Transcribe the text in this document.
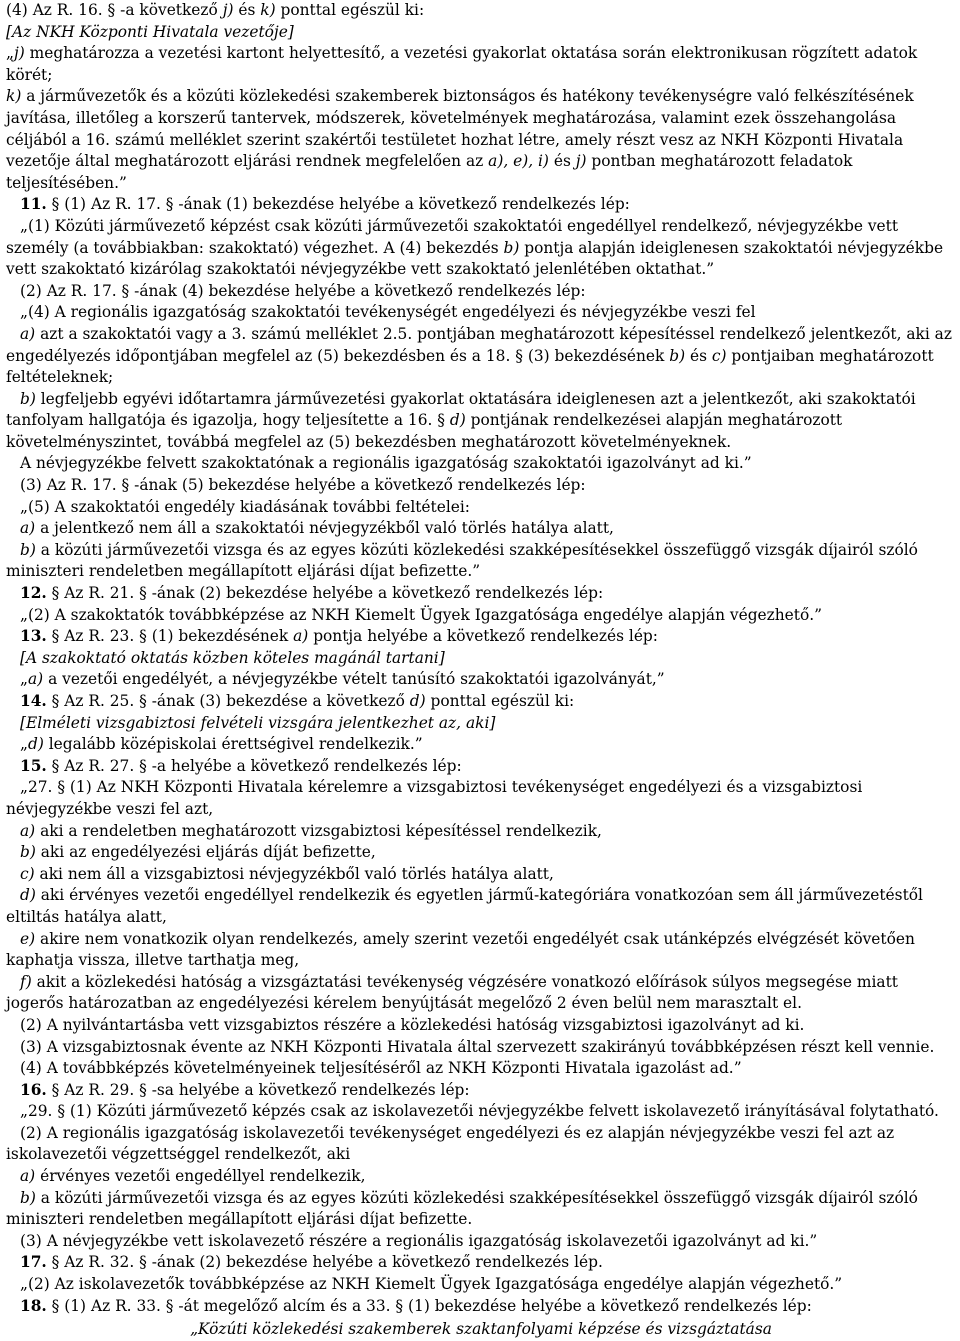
(4) Az R. 16. § -a következő j) és k) ponttal egészül ki:

[Az NKH Központi Hivatala vezetője]

„j) meghatározza a vezetési kartont helyettesítő, a vezetési gyakorlat oktatása során elektronikusan rögzített adatok körét;

k) a járművezetők és a közúti közlekedési szakemberek biztonságos és hatékony tevékenységre való felkészítésének javítása, illetőleg a korszerű tantervek, módszerek, követelmények meghatározása, valamint ezek összehangolása céljából a 16. számú melléklet szerint szakértői testületet hozhat létre, amely részt vesz az NKH Központi Hivatala vezetője által meghatározott eljárási rendnek megfelelően az a), e), i) és j) pontban meghatározott feladatok teljesítésében.”

11. § (1) Az R. 17. § -ának (1) bekezdése helyébe a következő rendelkezés lép:

„(1) Közúti járművezető képzést csak közúti járművezetői szakoktatói engedéllyel rendelkező, névjegyzékbe vett személy (a továbbiakban: szakoktató) végezhet. A (4) bekezdés b) pontja alapján ideiglenesen szakoktatói névjegyzékbe vett szakoktató kizárólag szakoktatói névjegyzékbe vett szakoktató jelenlétében oktathat.”

(2) Az R. 17. § -ának (4) bekezdése helyébe a következő rendelkezés lép:

„(4) A regionális igazgatóság szakoktatói tevékenységét engedélyezi és névjegyzékbe veszi fel

a) azt a szakoktatói vagy a 3. számú melléklet 2.5. pontjában meghatározott képesítéssel rendelkező jelentkezőt, aki az engedélyezés időpontjában megfelel az (5) bekezdésben és a 18. § (3) bekezdésének b) és c) pontjaiban meghatározott feltételeknek;

b) legfeljebb egyévi időtartamra járművezetési gyakorlat oktatására ideiglenesen azt a jelentkezőt, aki szakoktatói tanfolyam hallgatója és igazolja, hogy teljesítette a 16. § d) pontjának rendelkezései alapján meghatározott követelményszintet, továbbá megfelel az (5) bekezdésben meghatározott követelményeknek.

A névjegyzékbe felvett szakoktatónak a regionális igazgatóság szakoktatói igazolványt ad ki.”

(3) Az R. 17. § -ának (5) bekezdése helyébe a következő rendelkezés lép:

„(5) A szakoktatói engedély kiadásának további feltételei:

a) a jelentkező nem áll a szakoktatói névjegyzékből való törlés hatálya alatt,

b) a közúti járművezetői vizsga és az egyes közúti közlekedési szakképesítésekkel összefüggő vizsgák díjairól szóló miniszteri rendeletben megállapított eljárási díjat befizette.”

12. § Az R. 21. § -ának (2) bekezdése helyébe a következő rendelkezés lép:

„(2) A szakoktatók továbbképzése az NKH Kiemelt Ügyek Igazgatósága engedélye alapján végezhető.”

13. § Az R. 23. § (1) bekezdésének a) pontja helyébe a következő rendelkezés lép:

[A szakoktató oktatás közben köteles magánál tartani]

„a) a vezetői engedélyét, a névjegyzékbe vételt tanúsító szakoktatói igazolványát,”

14. § Az R. 25. § -ának (3) bekezdése a következő d) ponttal egészül ki:

[Elméleti vizsgabiztosi felvételi vizsgára jelentkezhet az, aki]

„d) legalább középiskolai érettségivel rendelkezik.”

15. § Az R. 27. § -a helyébe a következő rendelkezés lép:

„27. § (1) Az NKH Központi Hivatala kérelemre a vizsgabiztosi tevékenységet engedélyezi és a vizsgabiztosi névjegyzékbe veszi fel azt,

a) aki a rendeletben meghatározott vizsgabiztosi képesítéssel rendelkezik,

b) aki az engedélyezési eljárás díját befizette,

c) aki nem áll a vizsgabiztosi névjegyzékből való törlés hatálya alatt,

d) aki érvényes vezetői engedéllyel rendelkezik és egyetlen jármű-kategóriára vonatkozóan sem áll járművezetéstől eltiltás hatálya alatt,

e) akire nem vonatkozik olyan rendelkezés, amely szerint vezetői engedélyét csak utánképzés elvégzését követően kaphatja vissza, illetve tarthatja meg,

f) akit a közlekedési hatóság a vizsgáztatási tevékenység végzésére vonatkozó előírások súlyos megsegése miatt jogerős határozatban az engedélyezési kérelem benyújtását megelőző 2 éven belül nem marasztalt el.

(2) A nyilvántartásba vett vizsgabiztos részére a közlekedési hatóság vizsgabiztosi igazolványt ad ki.

(3) A vizsgabiztosnak évente az NKH Központi Hivatala által szervezett szakirányú továbbképzésen részt kell vennie.

(4) A továbbképzés követelményeinek teljesítéséről az NKH Központi Hivatala igazolást ad.”

16. § Az R. 29. § -sa helyébe a következő rendelkezés lép:

„29. § (1) Közúti járművezető képzés csak az iskolavezetői névjegyzékbe felvett iskolavezető irányításával folytatható.

(2) A regionális igazgatóság iskolavezetői tevékenységet engedélyezi és ez alapján névjegyzékbe veszi fel azt az iskolavezetői végzettséggel rendelkezőt, aki

a) érvényes vezetői engedéllyel rendelkezik,

b) a közúti járművezetői vizsga és az egyes közúti közlekedési szakképesítésekkel összefüggő vizsgák díjairól szóló miniszteri rendeletben megállapított eljárási díjat befizette.

(3) A névjegyzékbe vett iskolavezető részére a regionális igazgatóság iskolavezetői igazolványt ad ki.”

17. § Az R. 32. § -ának (2) bekezdése helyébe a következő rendelkezés lép.

„(2) Az iskolavezetők továbbképzése az NKH Kiemelt Ügyek Igazgatósága engedélye alapján végezhető.”

18. § (1) Az R. 33. § -át megelőző alcím és a 33. § (1) bekezdése helyébe a következő rendelkezés lép:

„Közúti közlekedési szakemberek szaktanfolyami képzése és vizsgáztatása
